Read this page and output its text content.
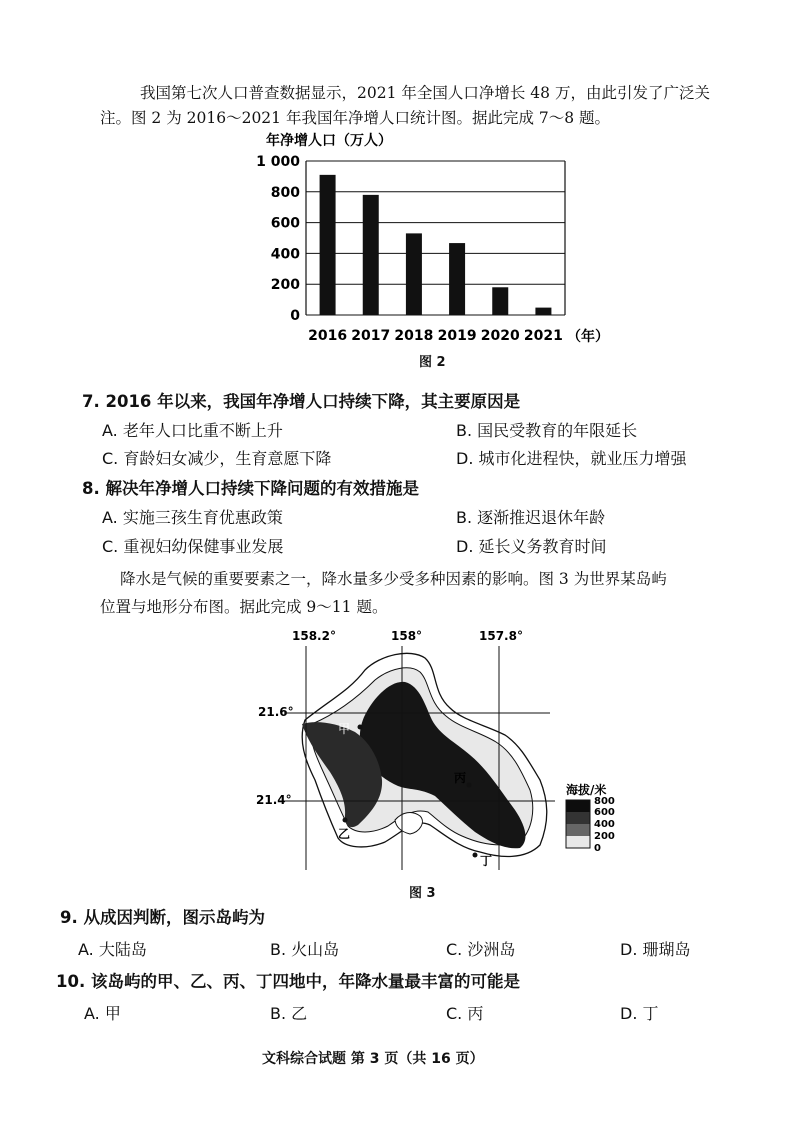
我国第七次人口普查数据显示，2021 年全国人口净增长 48 万，由此引发了广泛关
注。图 2 为 2016～2021 年我国年净增人口统计图。据此完成 7～8 题。
年净增人口（万人）
0
200
400
600
800
1 000
2016 2017 2018 2019 2020 2021 （年）
图 2
7. 2016 年以来，我国年净增人口持续下降，其主要原因是
A. 老年人口比重不断上升	B. 国民受教育的年限延长
C. 育龄妇女减少，生育意愿下降	D. 城市化进程快，就业压力增强
8. 解决年净增人口持续下降问题的有效措施是
A. 实施三孩生育优惠政策	B. 逐渐推迟退休年龄
C. 重视妇幼保健事业发展	D. 延长义务教育时间
降水是气候的重要要素之一，降水量多少受多种因素的影响。图 3 为世界某岛屿
位置与地形分布图。据此完成 9～11 题。
158.2°	158°	157.8°
21.6°
21.4°
甲
乙
丙
丁
海拔/米
800
600
400
200
0
图 3
9. 从成因判断，图示岛屿为
A. 大陆岛	B. 火山岛	C. 沙洲岛	D. 珊瑚岛
10. 该岛屿的甲、乙、丙、丁四地中，年降水量最丰富的可能是
A. 甲	B. 乙	C. 丙	D. 丁
文科综合试题 第 3 页（共 16 页）
